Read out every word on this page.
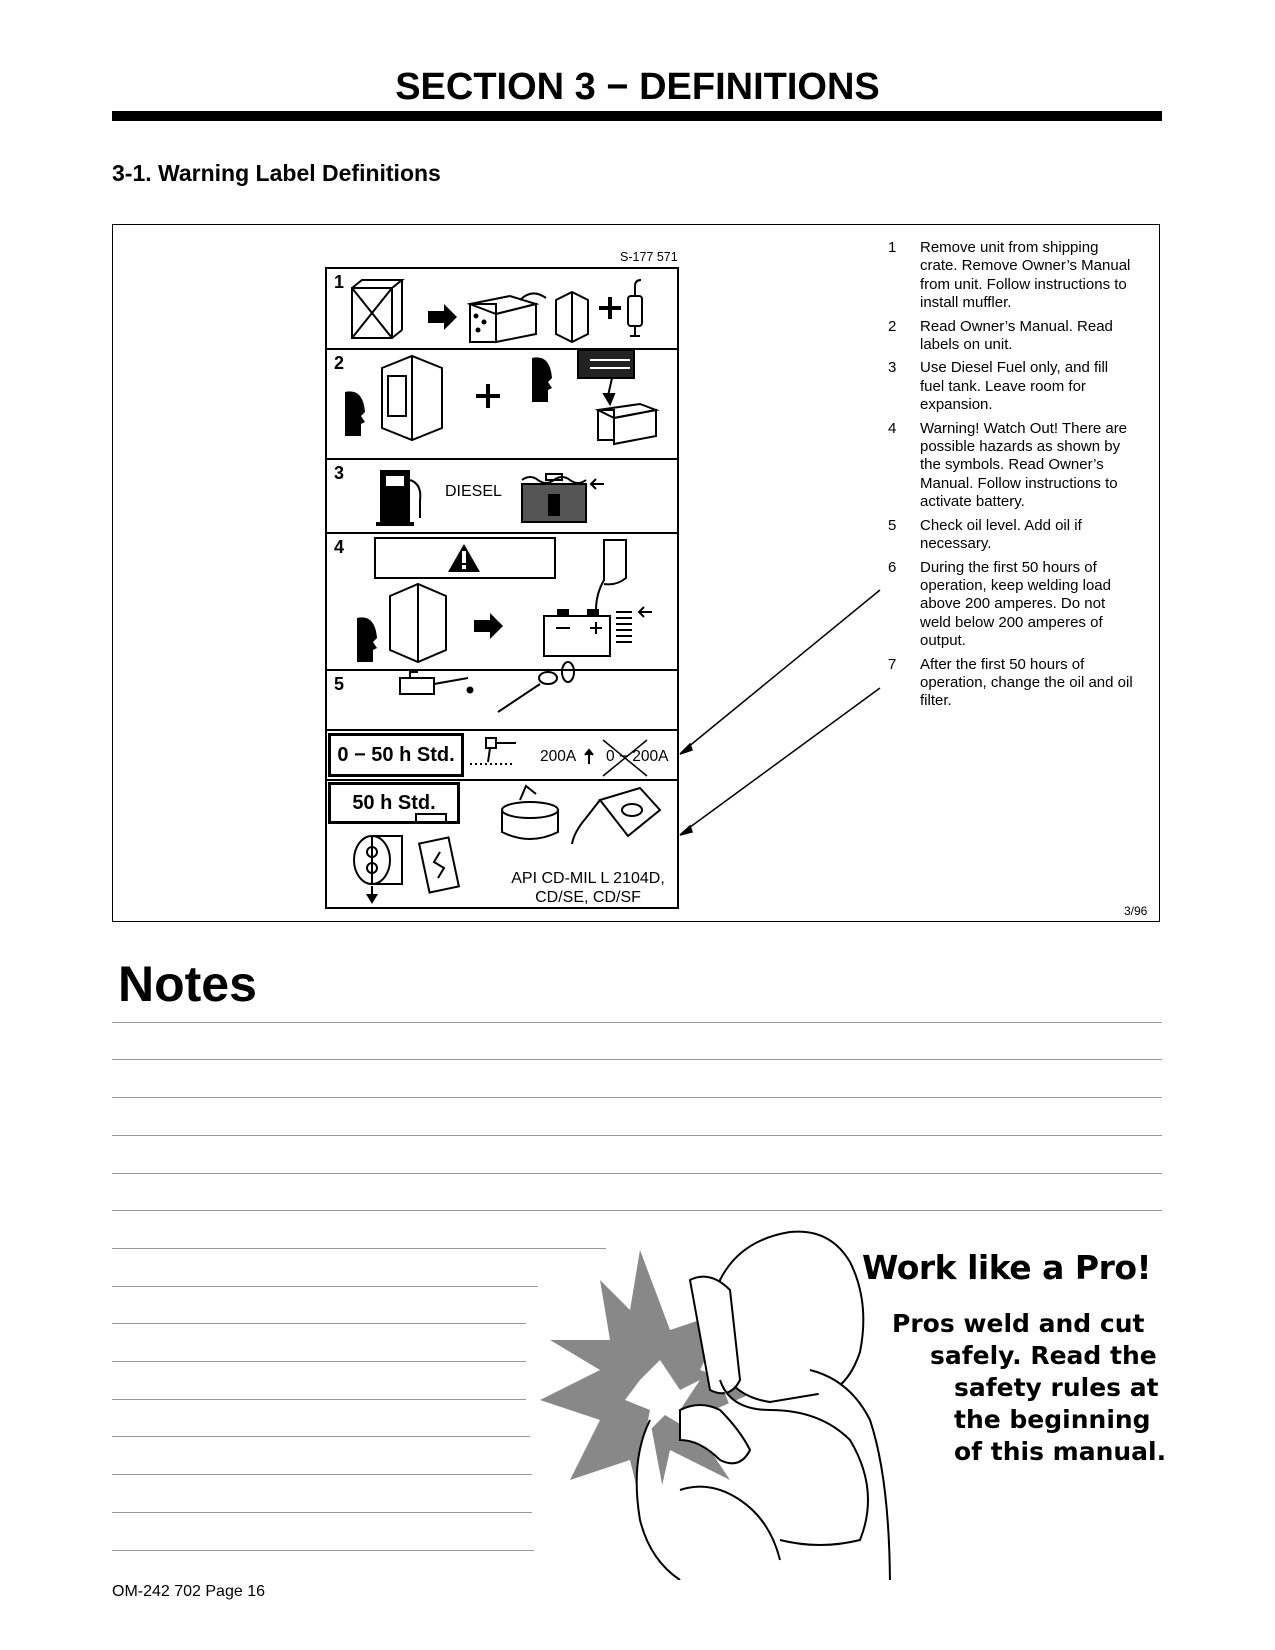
SECTION 3 − DEFINITIONS
3-1. Warning Label Definitions
S-177 571
3/96
1
2
3
4
5
DIESEL
0 − 50 h Std.	200A 0 − 200A
50 h Std.
API CD-MIL L 2104D, CD/SE, CD/SF
1 Remove unit from shipping crate. Remove Owner’s Manual from unit. Follow instructions to install muffler.
2 Read Owner’s Manual. Read labels on unit.
3 Use Diesel Fuel only, and fill fuel tank. Leave room for expansion.
4 Warning! Watch Out! There are possible hazards as shown by the symbols. Read Owner’s Manual. Follow instructions to activate battery.
5 Check oil level. Add oil if necessary.
6 During the first 50 hours of operation, keep welding load above 200 amperes. Do not weld below 200 amperes of output.
7 After the first 50 hours of operation, change the oil and oil filter.
Notes
Work like a Pro!
Pros weld and cut
safely. Read the
safety rules at
the beginning
of this manual.
OM-242 702 Page 16
